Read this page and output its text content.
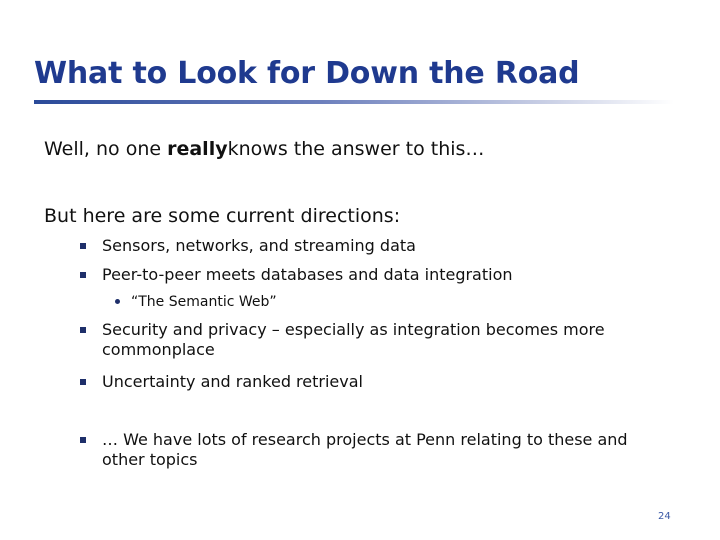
What to Look for Down the Road
Well, no one reallyknows the answer to this…
But here are some current directions:
Sensors, networks, and streaming data
Peer-to-peer meets databases and data integration
“The Semantic Web”
Security and privacy – especially as integration becomes more
commonplace
Uncertainty and ranked retrieval
… We have lots of research projects at Penn relating to these and
other topics
24
